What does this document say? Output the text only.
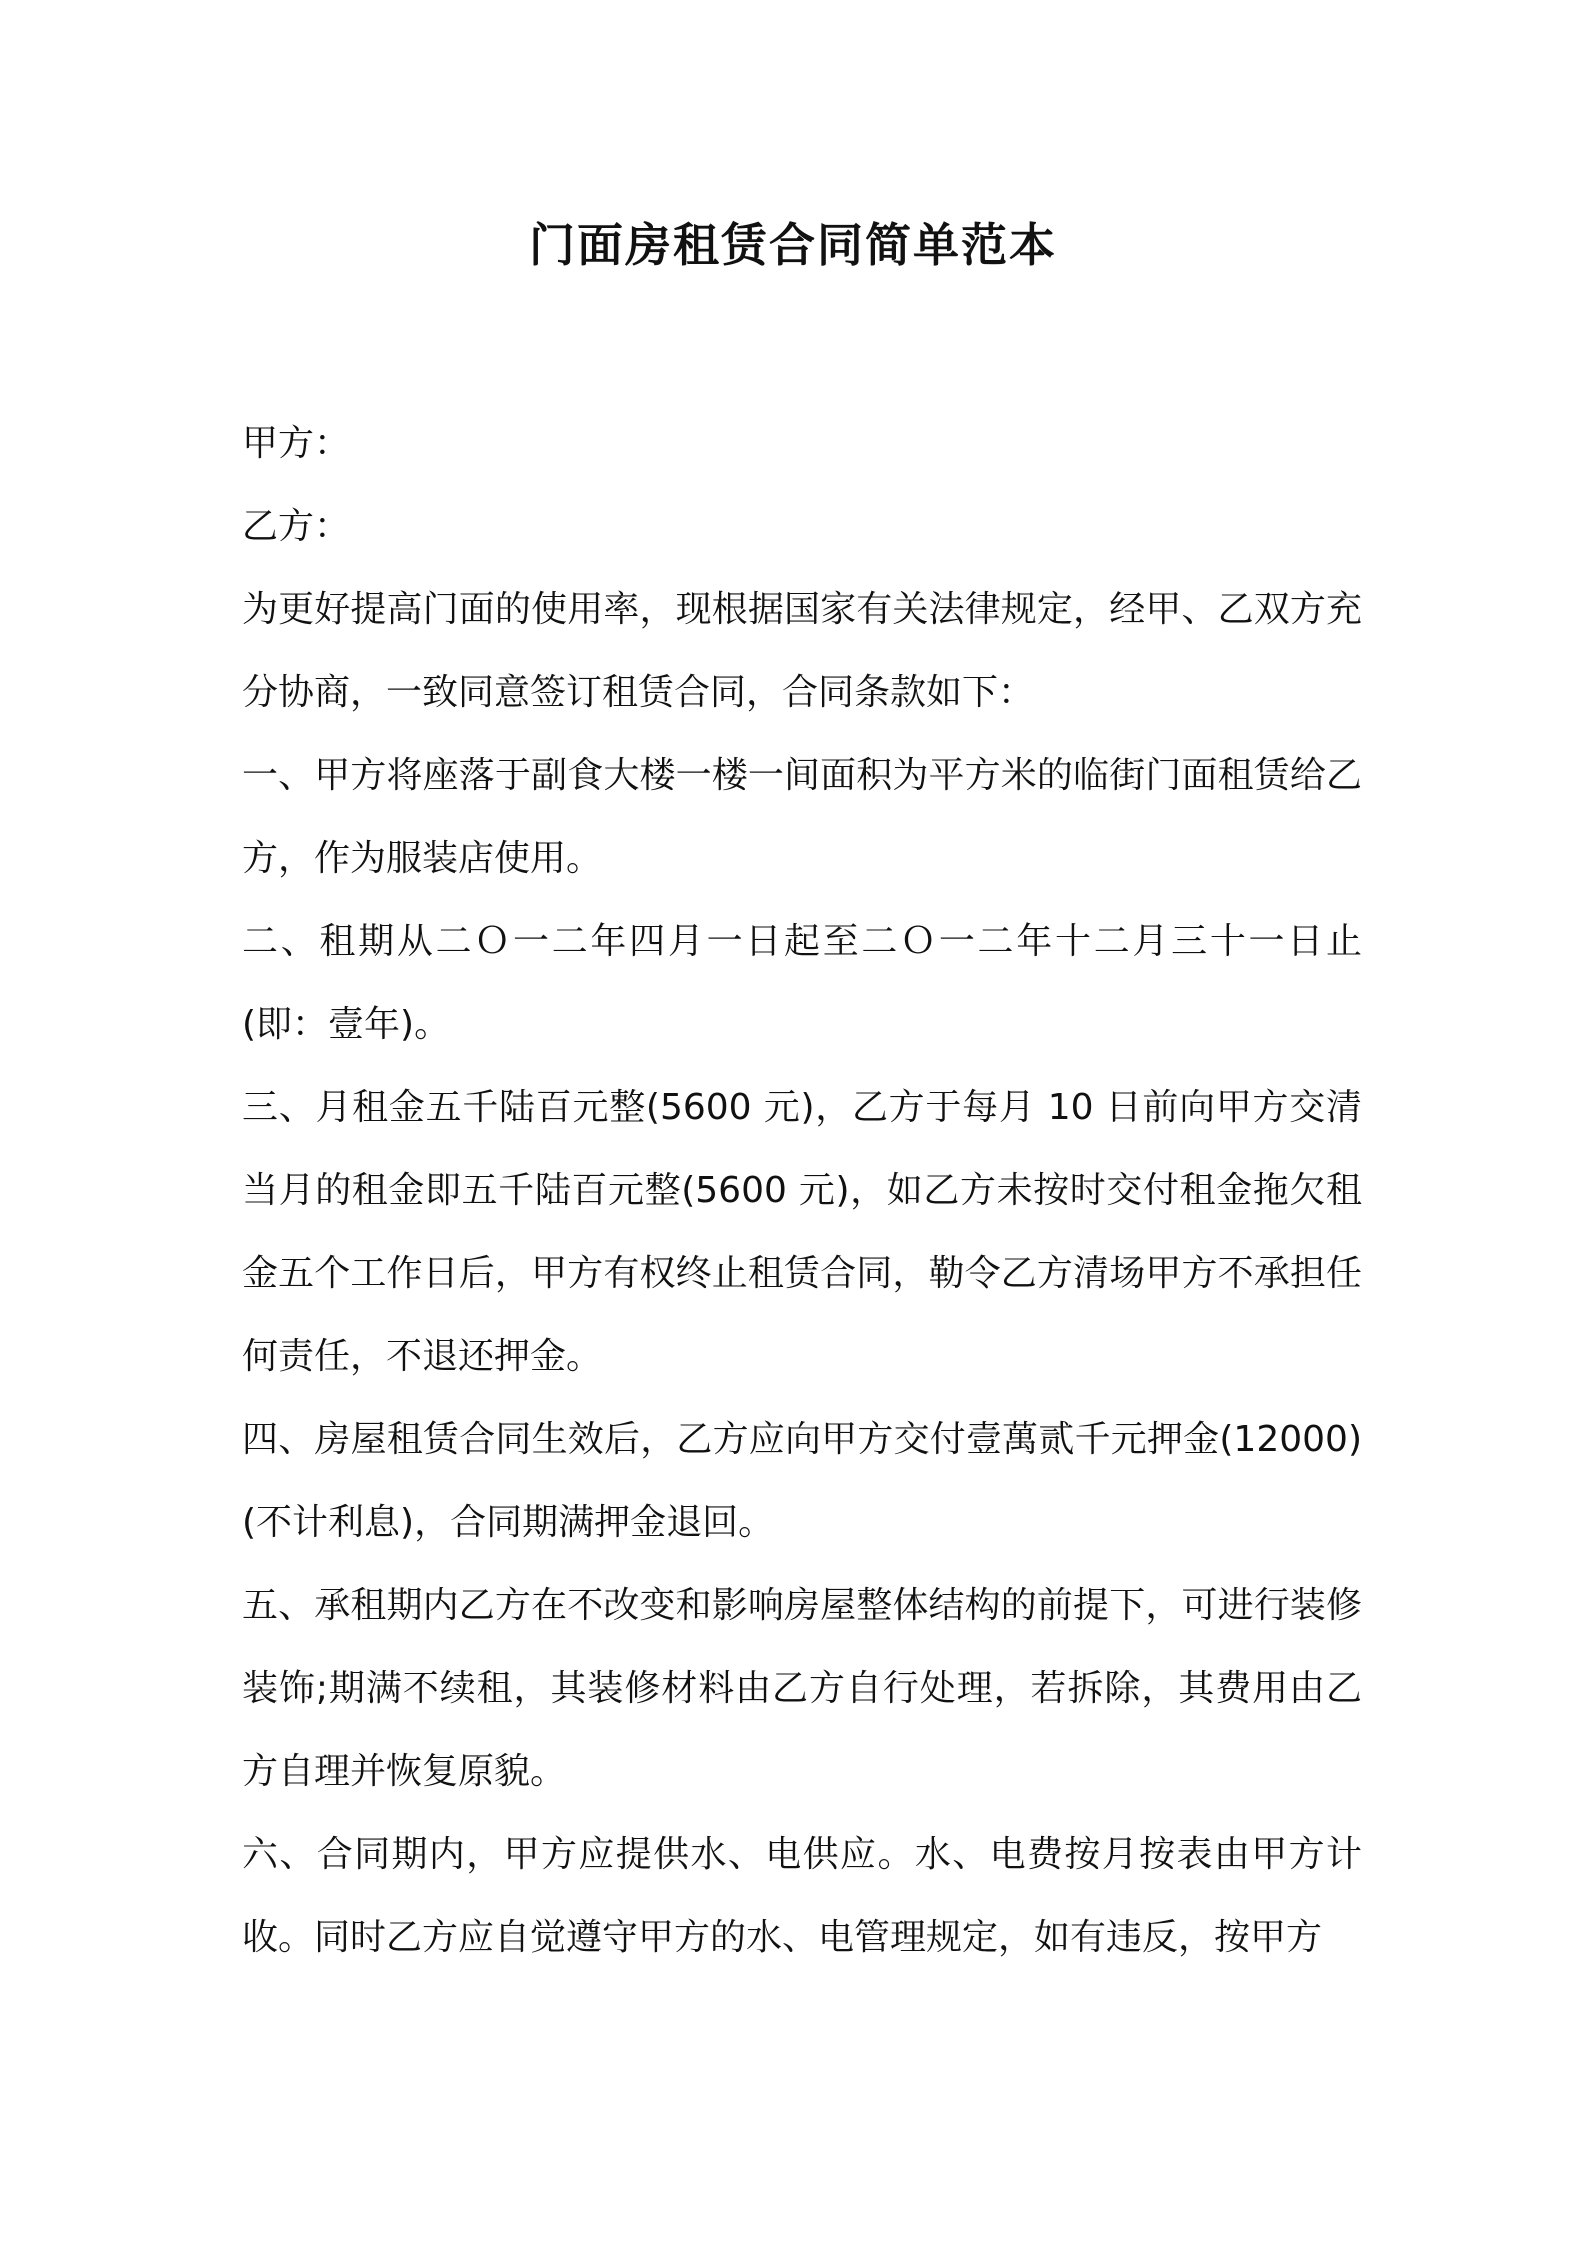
门面房租赁合同简单范本

甲方：

乙方：

为更好提高门面的使用率，现根据国家有关法律规定，经甲、乙双方充分协商，一致同意签订租赁合同，合同条款如下：

一、甲方将座落于副食大楼一楼一间面积为平方米的临街门面租赁给乙方，作为服装店使用。

二、租期从二Ｏ一二年四月一日起至二Ｏ一二年十二月三十一日止(即：壹年)。

三、月租金五千陆百元整(5600 元)，乙方于每月 10 日前向甲方交清当月的租金即五千陆百元整(5600 元)，如乙方未按时交付租金拖欠租金五个工作日后，甲方有权终止租赁合同，勒令乙方清场甲方不承担任何责任，不退还押金。

四、房屋租赁合同生效后，乙方应向甲方交付壹萬贰千元押金(12000)(不计利息)，合同期满押金退回。

五、承租期内乙方在不改变和影响房屋整体结构的前提下，可进行装修装饰;期满不续租，其装修材料由乙方自行处理，若拆除，其费用由乙方自理并恢复原貌。

六、合同期内，甲方应提供水、电供应。水、电费按月按表由甲方计收。同时乙方应自觉遵守甲方的水、电管理规定，如有违反，按甲方
